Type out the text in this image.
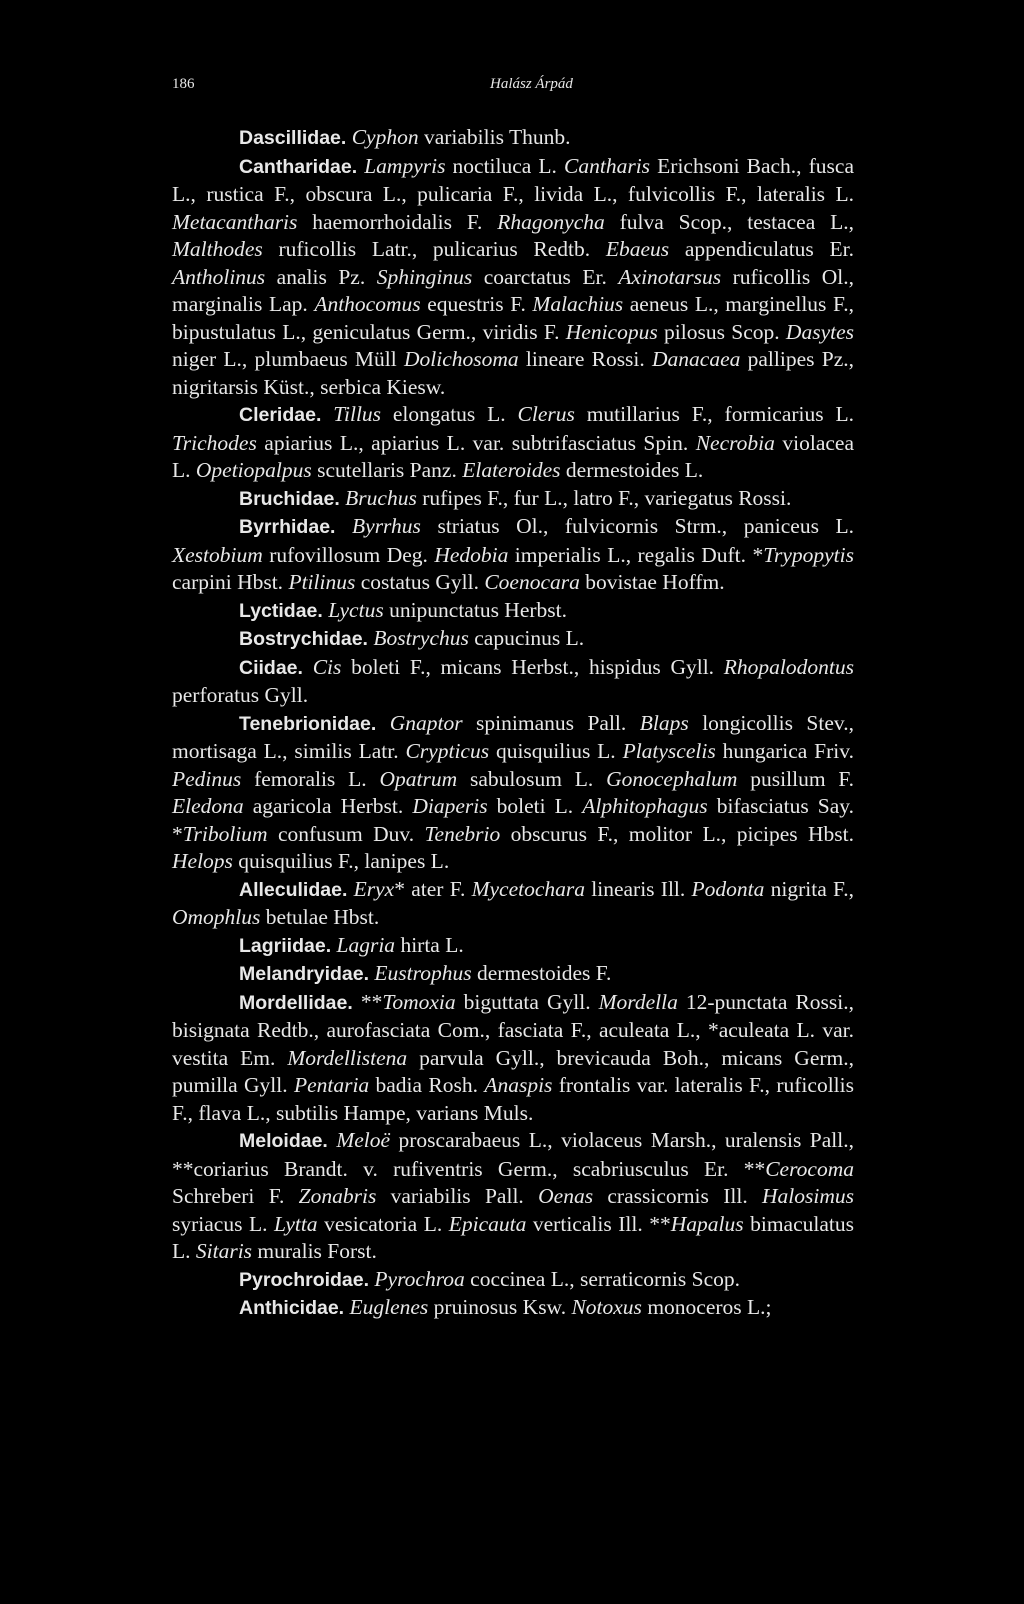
186	Halász Árpád

Dascillidae. Cyphon variabilis Thunb.

Cantharidae. Lampyris noctiluca L. Cantharis Erichsoni Bach., fusca L., rustica F., obscura L., pulicaria F., livida L., fulvicollis F., lateralis L. Metacantharis haemorrhoidalis F. Rhagonycha fulva Scop., testacea L., Malthodes ruficollis Latr., pulicarius Redtb. Ebaeus appendiculatus Er. Antholinus analis Pz. Sphinginus coarctatus Er. Axinotarsus ruficollis Ol., marginalis Lap. Anthocomus equestris F. Malachius aeneus L., marginellus F., bipustulatus L., geniculatus Germ., viridis F. Henicopus pilosus Scop. Dasytes niger L., plumbaeus Müll Dolichosoma lineare Rossi. Danacaea pallipes Pz., nigritarsis Küst., serbica Kiesw.

Cleridae. Tillus elongatus L. Clerus mutillarius F., formicarius L. Trichodes apiarius L., apiarius L. var. subtrifasciatus Spin. Necrobia violacea L. Opetiopalpus scutellaris Panz. Elateroides dermestoides L.

Bruchidae. Bruchus rufipes F., fur L., latro F., variegatus Rossi.

Byrrhidae. Byrrhus striatus Ol., fulvicornis Strm., paniceus L. Xestobium rufovillosum Deg. Hedobia imperialis L., regalis Duft. *Trypopytis carpini Hbst. Ptilinus costatus Gyll. Coenocara bovistae Hoffm.

Lyctidae. Lyctus unipunctatus Herbst.

Bostrychidae. Bostrychus capucinus L.

Ciidae. Cis boleti F., micans Herbst., hispidus Gyll. Rhopalodontus perforatus Gyll.

Tenebrionidae. Gnaptor spinimanus Pall. Blaps longicollis Stev., mortisaga L., similis Latr. Crypticus quisquilius L. Platyscelis hungarica Friv. Pedinus femoralis L. Opatrum sabulosum L. Gonocephalum pusillum F. Eledona agaricola Herbst. Diaperis boleti L. Alphitophagus bifasciatus Say. *Tribolium confusum Duv. Tenebrio obscurus F., molitor L., picipes Hbst. Helops quisquilius F., lanipes L.

Alleculidae. Eryx* ater F. Mycetochara linearis Ill. Podonta nigrita F., Omophlus betulae Hbst.

Lagriidae. Lagria hirta L.

Melandryidae. Eustrophus dermestoides F.

Mordellidae. **Tomoxia biguttata Gyll. Mordella 12-punctata Rossi., bisignata Redtb., aurofasciata Com., fasciata F., aculeata L., *aculeata L. var. vestita Em. Mordellistena parvula Gyll., brevicauda Boh., micans Germ., pumilla Gyll. Pentaria badia Rosh. Anaspis frontalis var. lateralis F., ruficollis F., flava L., subtilis Hampe, varians Muls.

Meloidae. Meloë proscarabaeus L., violaceus Marsh., uralensis Pall., **coriarius Brandt. v. rufiventris Germ., scabriusculus Er. **Cerocoma Schreberi F. Zonabris variabilis Pall. Oenas crassicornis Ill. Halosimus syriacus L. Lytta vesicatoria L. Epicauta verticalis Ill. **Hapalus bimaculatus L. Sitaris muralis Forst.

Pyrochroidae. Pyrochroa coccinea L., serraticornis Scop.

Anthicidae. Euglenes pruinosus Ksw. Notoxus monoceros L.;
